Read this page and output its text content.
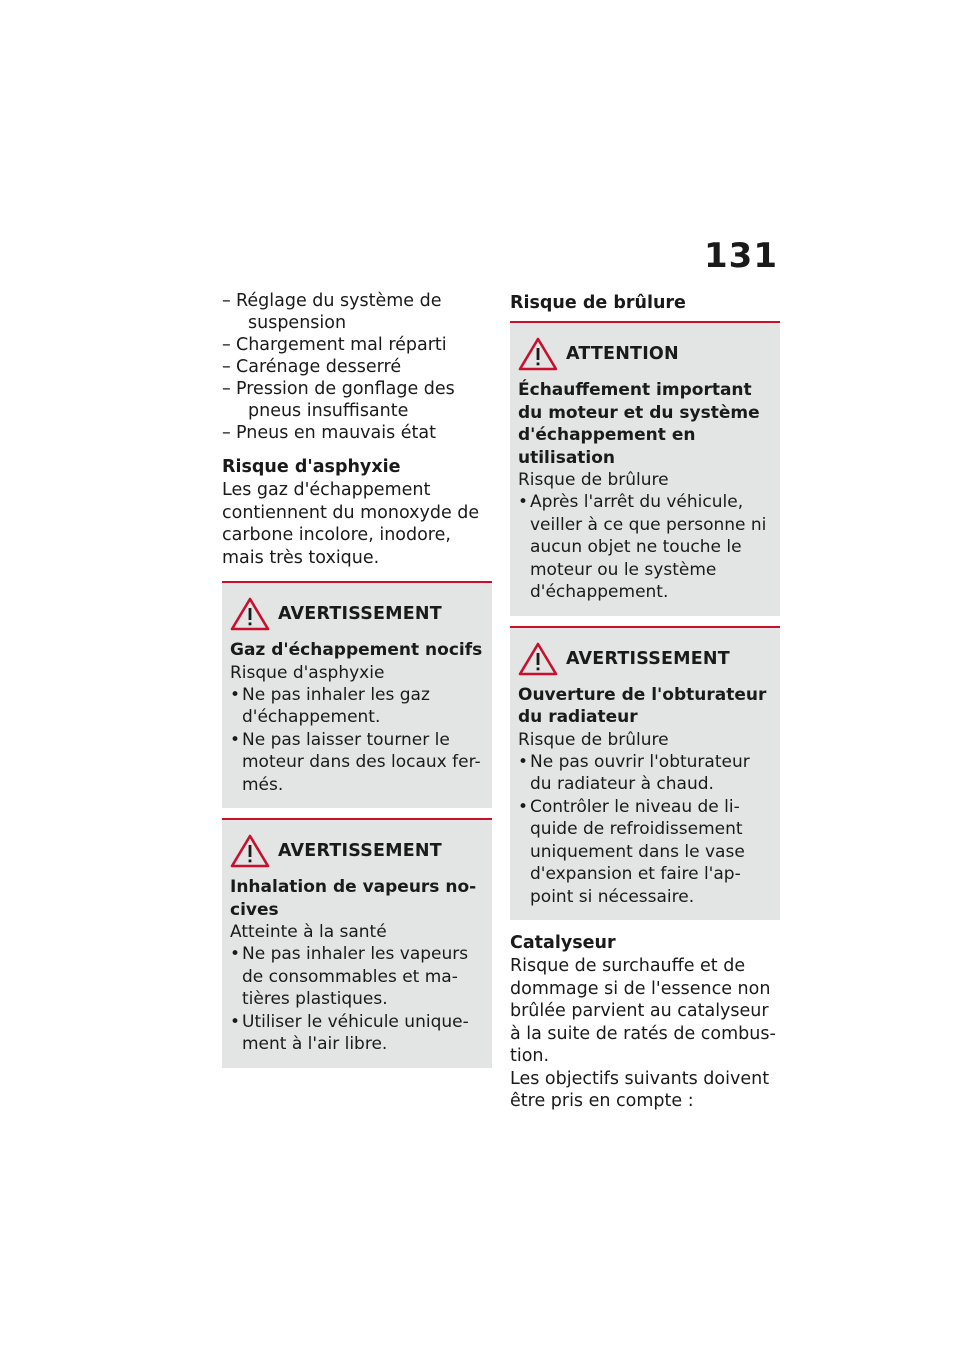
131
– Réglage du système de
suspension
– Chargement mal réparti
– Carénage desserré
– Pression de gonflage des
pneus insuffisante
– Pneus en mauvais état

Risque d'asphyxie

Les gaz d'échappement contiennent du monoxyde de carbone incolore, inodore, mais très toxique.

AVERTISSEMENT

Gaz d'échappement nocifs

Risque d'asphyxie

• Ne pas inhaler les gaz d'échappement.
• Ne pas laisser tourner le moteur dans des locaux fer-més.
AVERTISSEMENT

Inhalation de vapeurs no-cives

Atteinte à la santé

• Ne pas inhaler les vapeurs de consommables et ma-tières plastiques.
• Utiliser le véhicule unique-ment à l'air libre.

Risque de brûlure

ATTENTION

Échauffement important du moteur et du système d'échappement en utilisation

Risque de brûlure

• Après l'arrêt du véhicule, veiller à ce que personne ni aucun objet ne touche le moteur ou le système d'échappement.
AVERTISSEMENT

Ouverture de l'obturateur du radiateur

Risque de brûlure

• Ne pas ouvrir l'obturateur du radiateur à chaud.
• Contrôler le niveau de li-quide de refroidissement uniquement dans le vase d'expansion et faire l'ap-point si nécessaire.

Catalyseur

Risque de surchauffe et de dommage si de l'essence non brûlée parvient au catalyseur à la suite de ratés de combus-tion.

Les objectifs suivants doivent être pris en compte :
